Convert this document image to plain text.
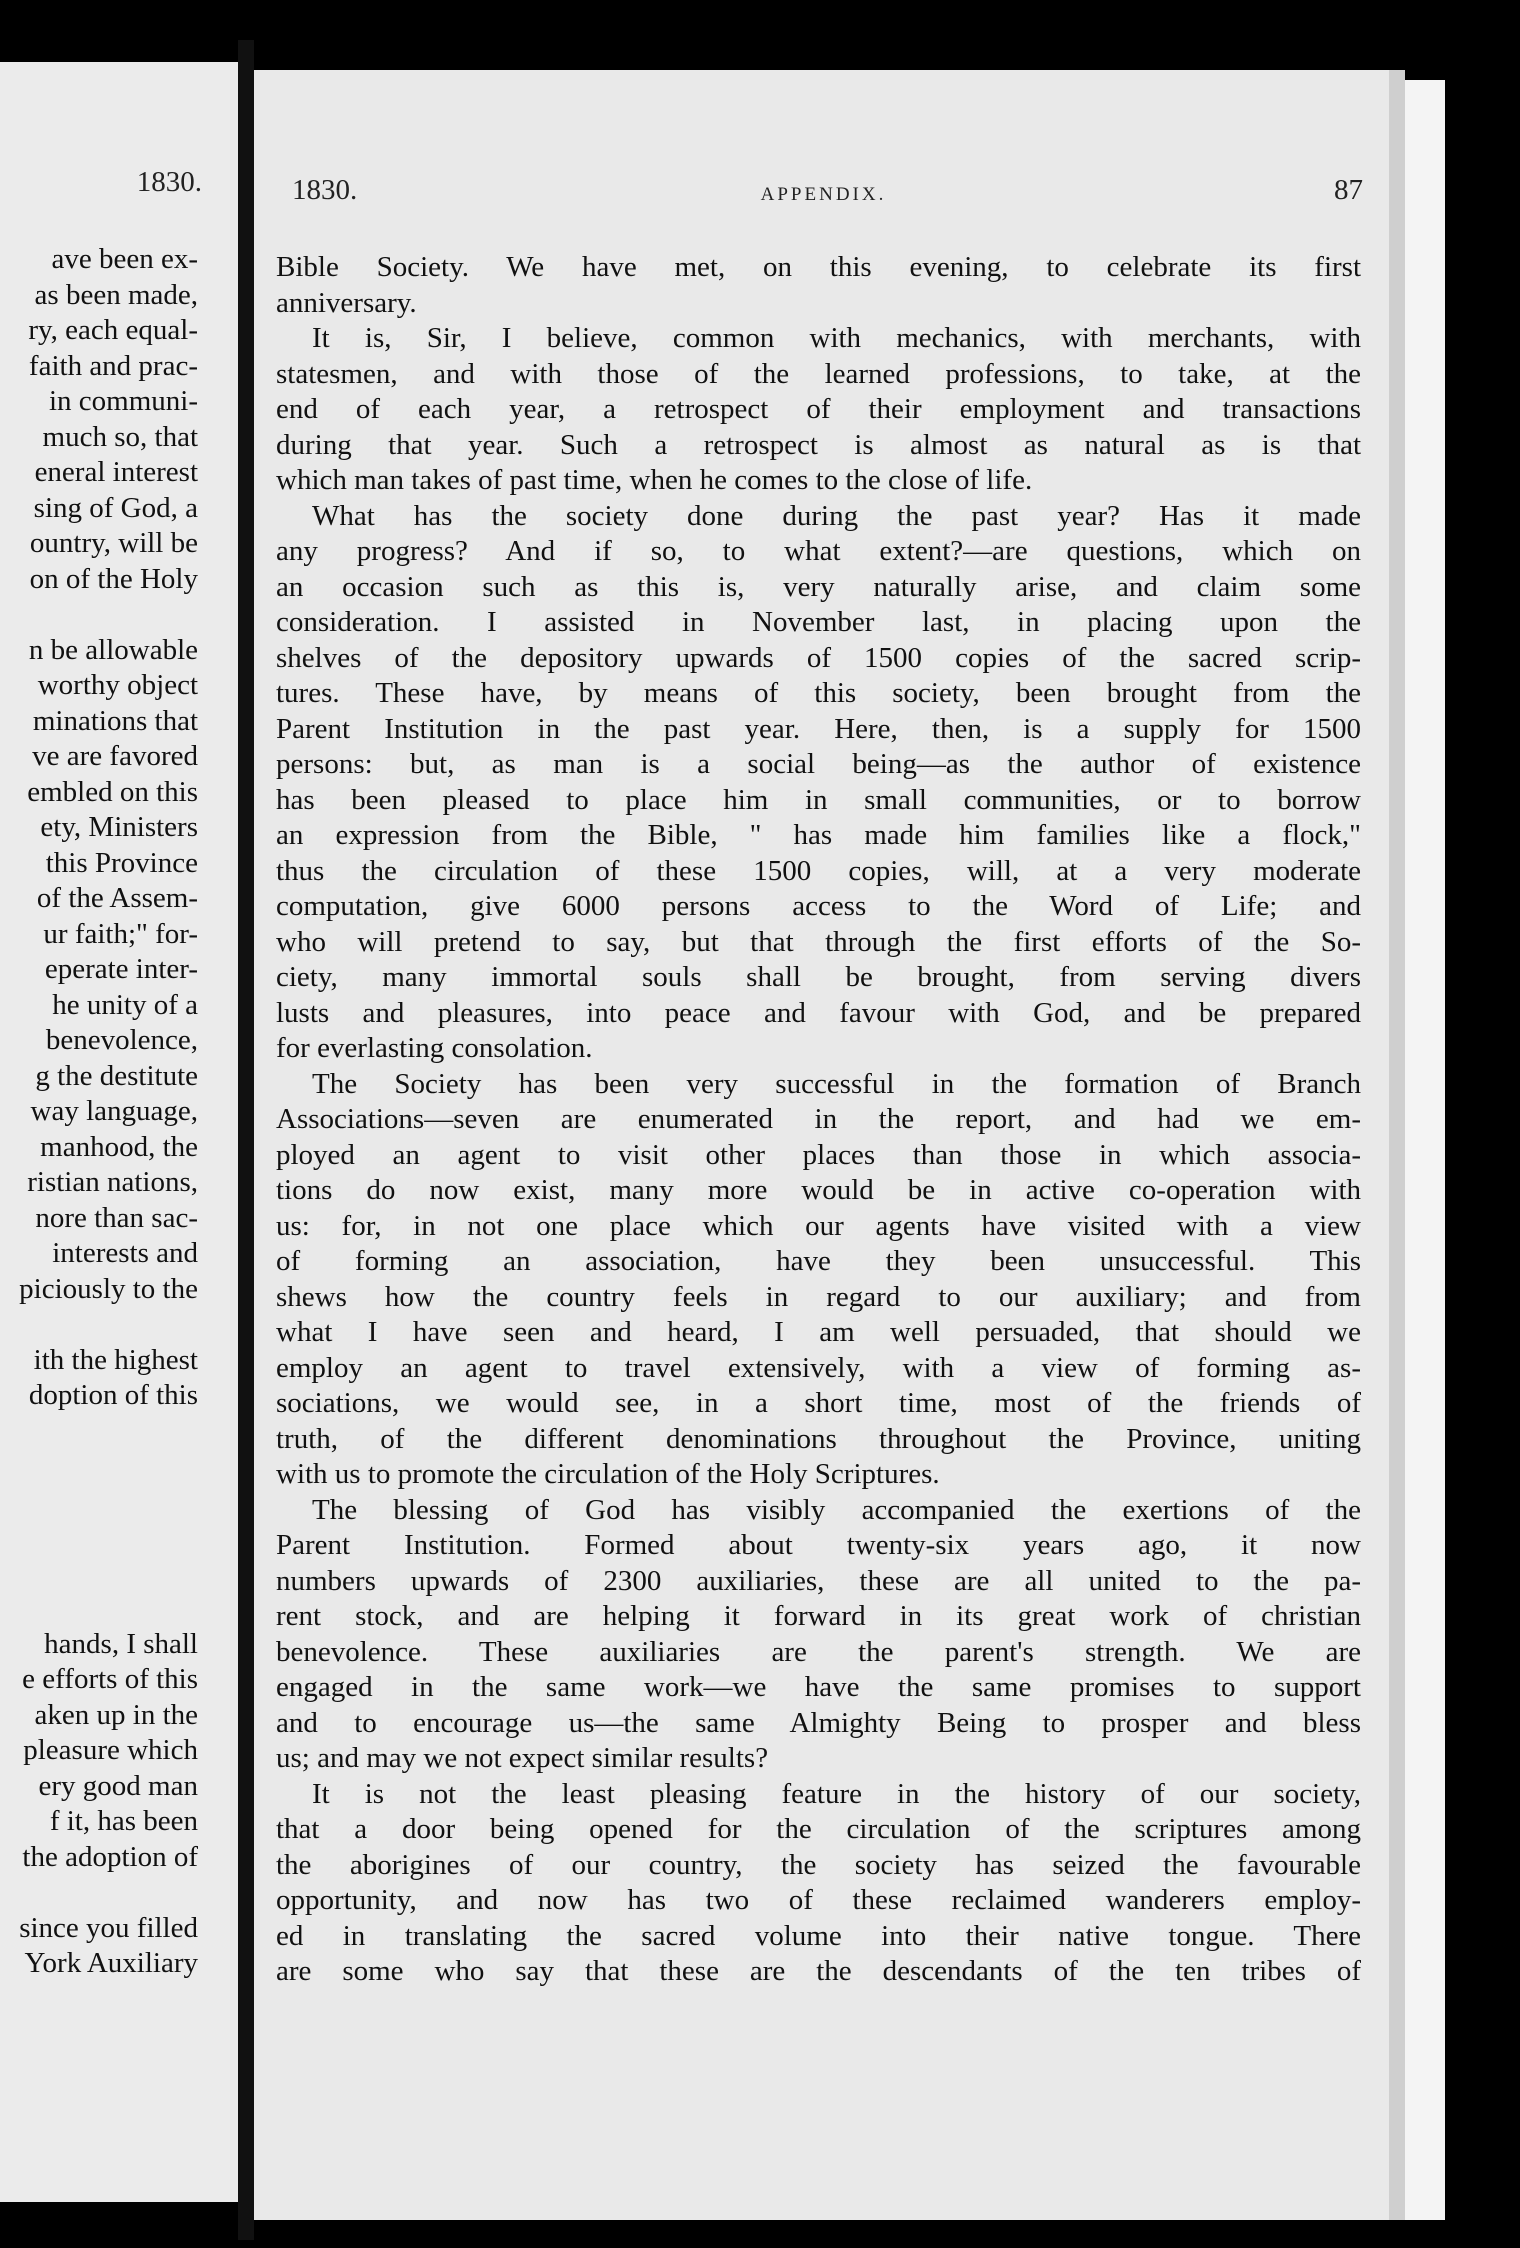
1830.
ave been ex-
as been made,
ry, each equal-
faith and prac-
in communi-
much so, that
eneral interest
sing of God, a
ountry, will be
on of the Holy

n be allowable
worthy object
minations that
ve are favored
embled on this
ety, Ministers
this Province
of the Assem-
ur faith;" for-
eperate inter-
he unity of a
benevolence,
g the destitute
way language,
manhood, the
ristian nations,
nore than sac-
interests and
piciously to the

ith the highest
doption of this

hands, I shall
e efforts of this
aken up in the
pleasure which
ery good man
f it, has been
the adoption of

since you filled
York Auxiliary
1830.	APPENDIX.	87
Bible Society. We have met, on this evening, to celebrate its first
anniversary.
It is, Sir, I believe, common with mechanics, with merchants, with
statesmen, and with those of the learned professions, to take, at the
end of each year, a retrospect of their employment and transactions
during that year. Such a retrospect is almost as natural as is that
which man takes of past time, when he comes to the close of life.
What has the society done during the past year? Has it made
any progress? And if so, to what extent?—are questions, which on
an occasion such as this is, very naturally arise, and claim some
consideration. I assisted in November last, in placing upon the
shelves of the depository upwards of 1500 copies of the sacred scrip-
tures. These have, by means of this society, been brought from the
Parent Institution in the past year. Here, then, is a supply for 1500
persons: but, as man is a social being—as the author of existence
has been pleased to place him in small communities, or to borrow
an expression from the Bible, " has made him families like a flock,"
thus the circulation of these 1500 copies, will, at a very moderate
computation, give 6000 persons access to the Word of Life; and
who will pretend to say, but that through the first efforts of the So-
ciety, many immortal souls shall be brought, from serving divers
lusts and pleasures, into peace and favour with God, and be prepared
for everlasting consolation.
The Society has been very successful in the formation of Branch
Associations—seven are enumerated in the report, and had we em-
ployed an agent to visit other places than those in which associa-
tions do now exist, many more would be in active co-operation with
us: for, in not one place which our agents have visited with a view
of forming an association, have they been unsuccessful. This
shews how the country feels in regard to our auxiliary; and from
what I have seen and heard, I am well persuaded, that should we
employ an agent to travel extensively, with a view of forming as-
sociations, we would see, in a short time, most of the friends of
truth, of the different denominations throughout the Province, uniting
with us to promote the circulation of the Holy Scriptures.
The blessing of God has visibly accompanied the exertions of the
Parent Institution. Formed about twenty-six years ago, it now
numbers upwards of 2300 auxiliaries, these are all united to the pa-
rent stock, and are helping it forward in its great work of christian
benevolence. These auxiliaries are the parent's strength. We are
engaged in the same work—we have the same promises to support
and to encourage us—the same Almighty Being to prosper and bless
us; and may we not expect similar results?
It is not the least pleasing feature in the history of our society,
that a door being opened for the circulation of the scriptures among
the aborigines of our country, the society has seized the favourable
opportunity, and now has two of these reclaimed wanderers employ-
ed in translating the sacred volume into their native tongue. There
are some who say that these are the descendants of the ten tribes of
